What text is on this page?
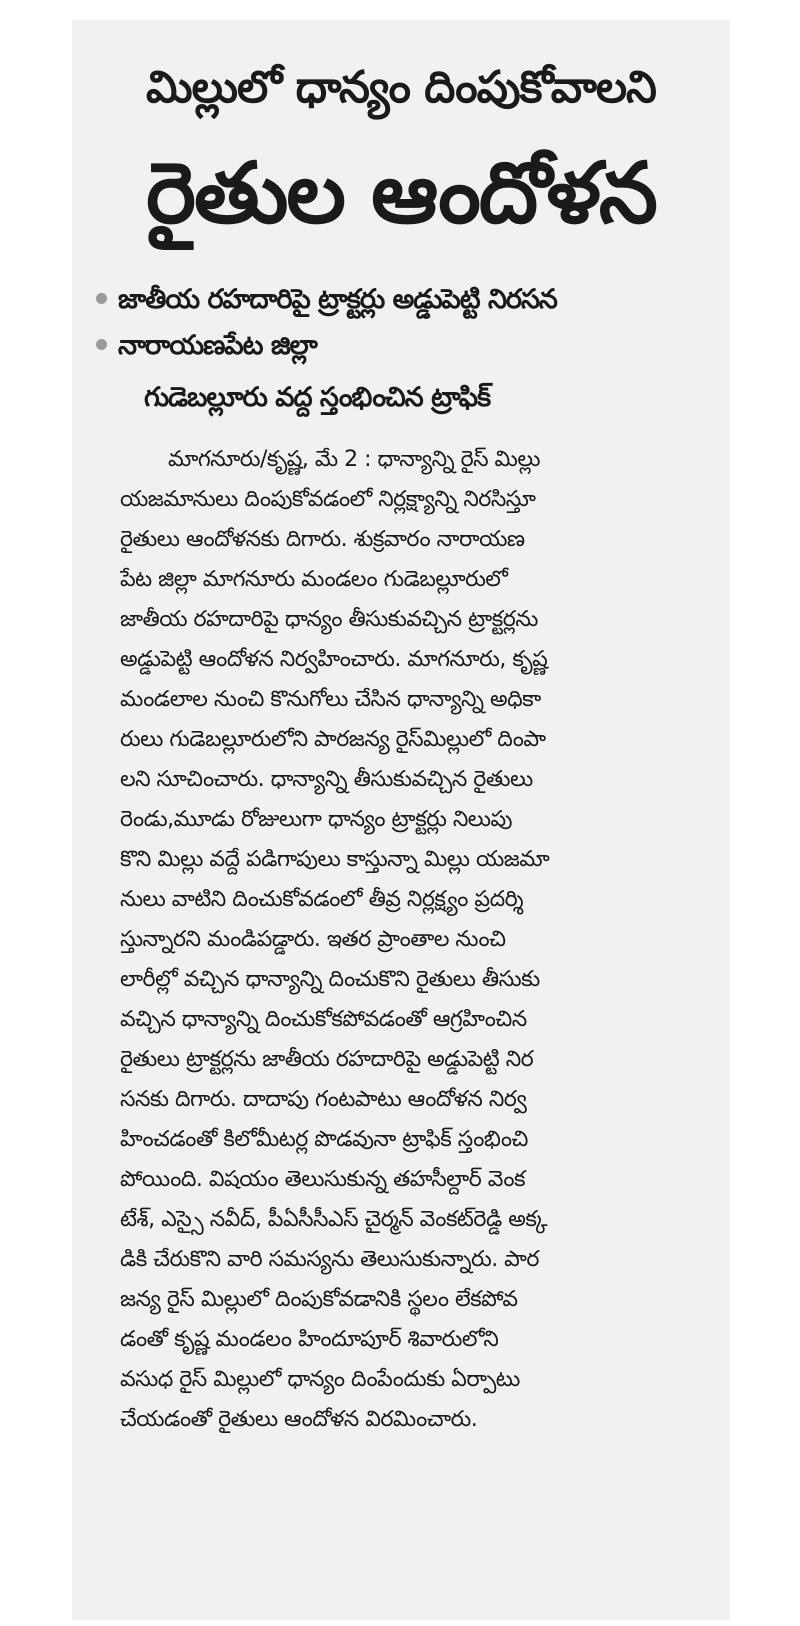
మిల్లులో ధాన్యం దింపుకోవాలని
రైతుల ఆందోళన
జాతీయ రహదారిపై ట్రాక్టర్లు అడ్డుపెట్టి నిరసన
నారాయణపేట జిల్లా
గుడెబల్లూరు వద్ద స్తంభించిన ట్రాఫిక్
మాగనూరు/కృష్ణ, మే 2 : ధాన్యాన్ని రైస్ మిల్లు
యజమానులు దింపుకోవడంలో నిర్లక్ష్యాన్ని నిరసిస్తూ
రైతులు ఆందోళనకు దిగారు. శుక్రవారం నారాయణ
పేట జిల్లా మాగనూరు మండలం గుడెబల్లూరులో
జాతీయ రహదారిపై ధాన్యం తీసుకువచ్చిన ట్రాక్టర్లను
అడ్డుపెట్టి ఆందోళన నిర్వహించారు. మాగనూరు, కృష్ణ
మండలాల నుంచి కొనుగోలు చేసిన ధాన్యాన్ని అధికా
రులు గుడెబల్లూరులోని పారజన్య రైస్‌మిల్లులో దింపా
లని సూచించారు. ధాన్యాన్ని తీసుకువచ్చిన రైతులు
రెండు,మూడు రోజులుగా ధాన్యం ట్రాక్టర్లు నిలుపు
కొని మిల్లు వద్దే పడిగాపులు కాస్తున్నా మిల్లు యజమా
నులు వాటిని దించుకోవడంలో తీవ్ర నిర్లక్ష్యం ప్రదర్శి
స్తున్నారని మండిపడ్డారు. ఇతర ప్రాంతాల నుంచి
లారీల్లో వచ్చిన ధాన్యాన్ని దించుకొని రైతులు తీసుకు
వచ్చిన ధాన్యాన్ని దించుకోకపోవడంతో ఆగ్రహించిన
రైతులు ట్రాక్టర్లను జాతీయ రహదారిపై అడ్డుపెట్టి నిర
సనకు దిగారు. దాదాపు గంటపాటు ఆందోళన నిర్వ
హించడంతో కిలోమీటర్ల పొడవునా ట్రాఫిక్ స్తంభించి
పోయింది. విషయం తెలుసుకున్న తహసీల్దార్ వెంక
టేశ్, ఎస్సై నవీద్, పీఏసీసీఎస్ చైర్మన్ వెంకట్‌రెడ్డి అక్క
డికి చేరుకొని వారి సమస్యను తెలుసుకున్నారు. పార
జన్య రైస్ మిల్లులో దింపుకోవడానికి స్థలం లేకపోవ
డంతో కృష్ణ మండలం హిందూపూర్ శివారులోని
వసుధ రైస్ మిల్లులో ధాన్యం దింపేందుకు ఏర్పాటు
చేయడంతో రైతులు ఆందోళన విరమించారు.
